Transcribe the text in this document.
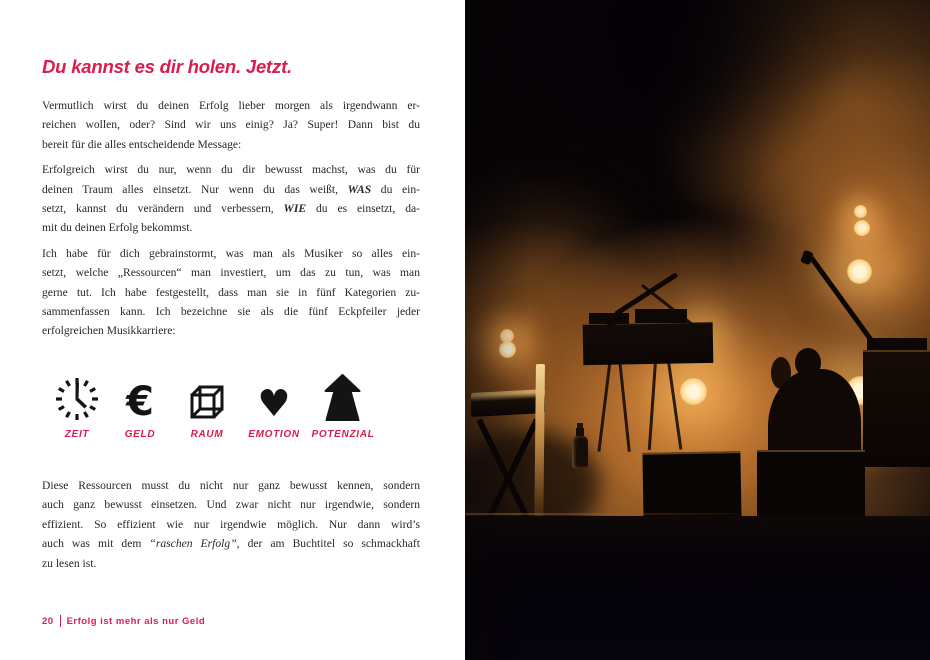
Du kannst es dir holen. Jetzt.
Vermutlich wirst du deinen Erfolg lieber morgen als irgendwann er-
reichen wollen, oder? Sind wir uns einig? Ja? Super! Dann bist du
bereit für die alles entscheidende Message:
Erfolgreich wirst du nur, wenn du dir bewusst machst, was du für
deinen Traum alles einsetzt. Nur wenn du das weißt, WAS du ein-
setzt, kannst du verändern und verbessern, WIE du es einsetzt, da-
mit du deinen Erfolg bekommst.
Ich habe für dich gebrainstormt, was man als Musiker so alles ein-
setzt, welche „Ressourcen“ man investiert, um das zu tun, was man
gerne tut. Ich habe festgestellt, dass man sie in fünf Kategorien zu-
sammenfassen kann. Ich bezeichne sie als die fünf Eckpfeiler jeder
erfolgreichen Musikkarriere:
ZEIT
€
GELD	RAUM
♥
EMOTION POTENZIAL
Diese Ressourcen musst du nicht nur ganz bewusst kennen, sondern
auch ganz bewusst einsetzen. Und zwar nicht nur irgendwie, sondern
effizient. So effizient wie nur irgendwie möglich. Nur dann wird’s
auch was mit dem “raschen Erfolg”, der am Buchtitel so schmackhaft
zu lesen ist.
20 Erfolg ist mehr als nur Geld
